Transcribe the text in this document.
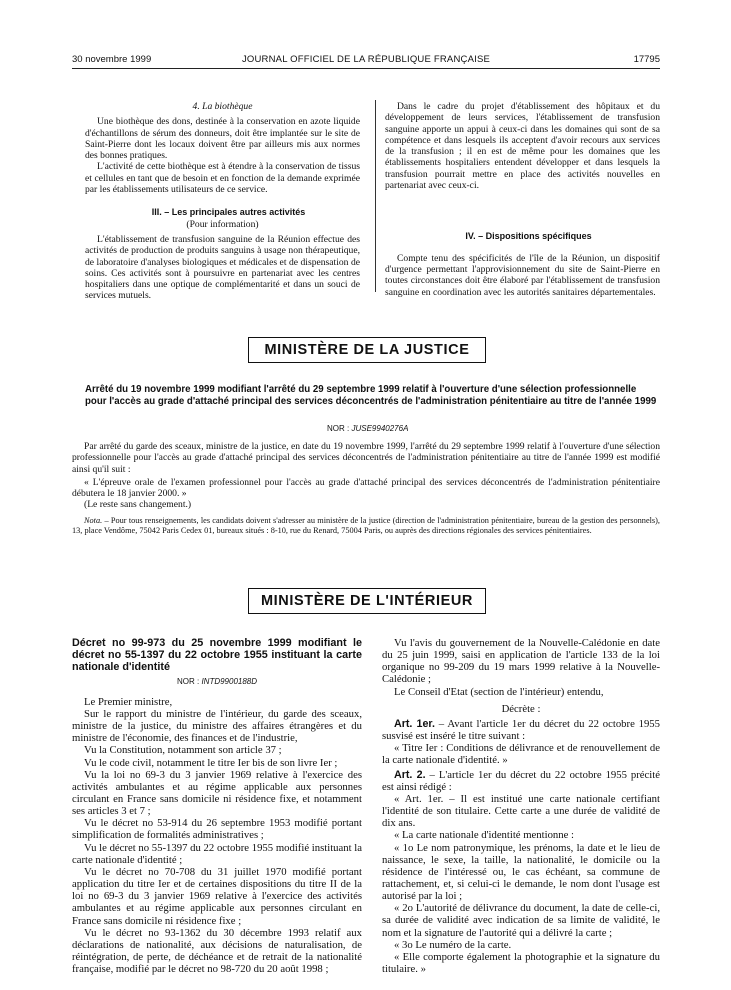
30 novembre 1999	JOURNAL OFFICIEL DE LA RÉPUBLIQUE FRANÇAISE	17795

4. La biothèque

Une biothèque des dons, destinée à la conservation en azote liquide d'échantillons de sérum des donneurs, doit être implantée sur le site de Saint-Pierre dont les locaux doivent être par ailleurs mis aux normes des bonnes pratiques.

L'activité de cette biothèque est à étendre à la conservation de tissus et cellules en tant que de besoin et en fonction de la demande exprimée par les établissements utilisateurs de ce service.

III. – Les principales autres activités

(Pour information)

L'établissement de transfusion sanguine de la Réunion effectue des activités de production de produits sanguins à usage non thérapeutique, de laboratoire d'analyses biologiques et médicales et de dispensation de soins. Ces activités sont à poursuivre en partenariat avec les centres hospitaliers dans une optique de complémentarité et dans un souci de services mutuels.

Dans le cadre du projet d'établissement des hôpitaux et du développement de leurs services, l'établissement de transfusion sanguine apporte un appui à ceux-ci dans les domaines qui sont de sa compétence et dans lesquels ils acceptent d'avoir recours aux services de la transfusion ; il en est de même pour les domaines que les établissements hospitaliers entendent développer et dans lesquels la transfusion pourrait mettre en place des activités nouvelles en partenariat avec ceux-ci.

IV. – Dispositions spécifiques

Compte tenu des spécificités de l'île de la Réunion, un dispositif d'urgence permettant l'approvisionnement du site de Saint-Pierre en toutes circonstances doit être élaboré par l'établissement de transfusion sanguine en coordination avec les autorités sanitaires départementales.

MINISTÈRE DE LA JUSTICE
Arrêté du 19 novembre 1999 modifiant l'arrêté du 29 septembre 1999 relatif à l'ouverture d'une sélection professionnelle pour l'accès au grade d'attaché principal des services déconcentrés de l'administration pénitentiaire au titre de l'année 1999
NOR : JUSE9940276A

Par arrêté du garde des sceaux, ministre de la justice, en date du 19 novembre 1999, l'arrêté du 29 septembre 1999 relatif à l'ouverture d'une sélection professionnelle pour l'accès au grade d'attaché principal des services déconcentrés de l'administration pénitentiaire au titre de l'année 1999 est modifié ainsi qu'il suit :

« L'épreuve orale de l'examen professionnel pour l'accès au grade d'attaché principal des services déconcentrés de l'administration pénitentiaire débutera le 18 janvier 2000. »

(Le reste sans changement.)

Nota. – Pour tous renseignements, les candidats doivent s'adresser au ministère de la justice (direction de l'administration pénitentiaire, bureau de la gestion des personnels), 13, place Vendôme, 75042 Paris Cedex 01, bureaux situés : 8-10, rue du Renard, 75004 Paris, ou auprès des directions régionales des services pénitentiaires.
MINISTÈRE DE L'INTÉRIEUR

Décret no 99-973 du 25 novembre 1999 modifiant le décret no 55-1397 du 22 octobre 1955 instituant la carte nationale d'identité

NOR : INTD9900188D

Le Premier ministre,

Sur le rapport du ministre de l'intérieur, du garde des sceaux, ministre de la justice, du ministre des affaires étrangères et du ministre de l'économie, des finances et de l'industrie,

Vu la Constitution, notamment son article 37 ;

Vu le code civil, notamment le titre Ier bis de son livre Ier ;

Vu la loi no 69-3 du 3 janvier 1969 relative à l'exercice des activités ambulantes et au régime applicable aux personnes circulant en France sans domicile ni résidence fixe, et notamment ses articles 3 et 7 ;

Vu le décret no 53-914 du 26 septembre 1953 modifié portant simplification de formalités administratives ;

Vu le décret no 55-1397 du 22 octobre 1955 modifié instituant la carte nationale d'identité ;

Vu le décret no 70-708 du 31 juillet 1970 modifié portant application du titre Ier et de certaines dispositions du titre II de la loi no 69-3 du 3 janvier 1969 relative à l'exercice des activités ambulantes et au régime applicable aux personnes circulant en France sans domicile ni résidence fixe ;

Vu le décret no 93-1362 du 30 décembre 1993 relatif aux déclarations de nationalité, aux décisions de naturalisation, de réintégration, de perte, de déchéance et de retrait de la nationalité française, modifié par le décret no 98-720 du 20 août 1998 ;

Vu l'avis du gouvernement de la Nouvelle-Calédonie en date du 25 juin 1999, saisi en application de l'article 133 de la loi organique no 99-209 du 19 mars 1999 relative à la Nouvelle-Calédonie ;

Le Conseil d'Etat (section de l'intérieur) entendu,

Décrète :

Art. 1er. – Avant l'article 1er du décret du 22 octobre 1955 susvisé est inséré le titre suivant :

« Titre Ier : Conditions de délivrance et de renouvellement de la carte nationale d'identité. »

Art. 2. – L'article 1er du décret du 22 octobre 1955 précité est ainsi rédigé :

« Art. 1er. – Il est institué une carte nationale certifiant l'identité de son titulaire. Cette carte a une durée de validité de dix ans.

« La carte nationale d'identité mentionne :

« 1o Le nom patronymique, les prénoms, la date et le lieu de naissance, le sexe, la taille, la nationalité, le domicile ou la résidence de l'intéressé ou, le cas échéant, sa commune de rattachement, et, si celui-ci le demande, le nom dont l'usage est autorisé par la loi ;

« 2o L'autorité de délivrance du document, la date de celle-ci, sa durée de validité avec indication de sa limite de validité, le nom et la signature de l'autorité qui a délivré la carte ;

« 3o Le numéro de la carte.

« Elle comporte également la photographie et la signature du titulaire. »
